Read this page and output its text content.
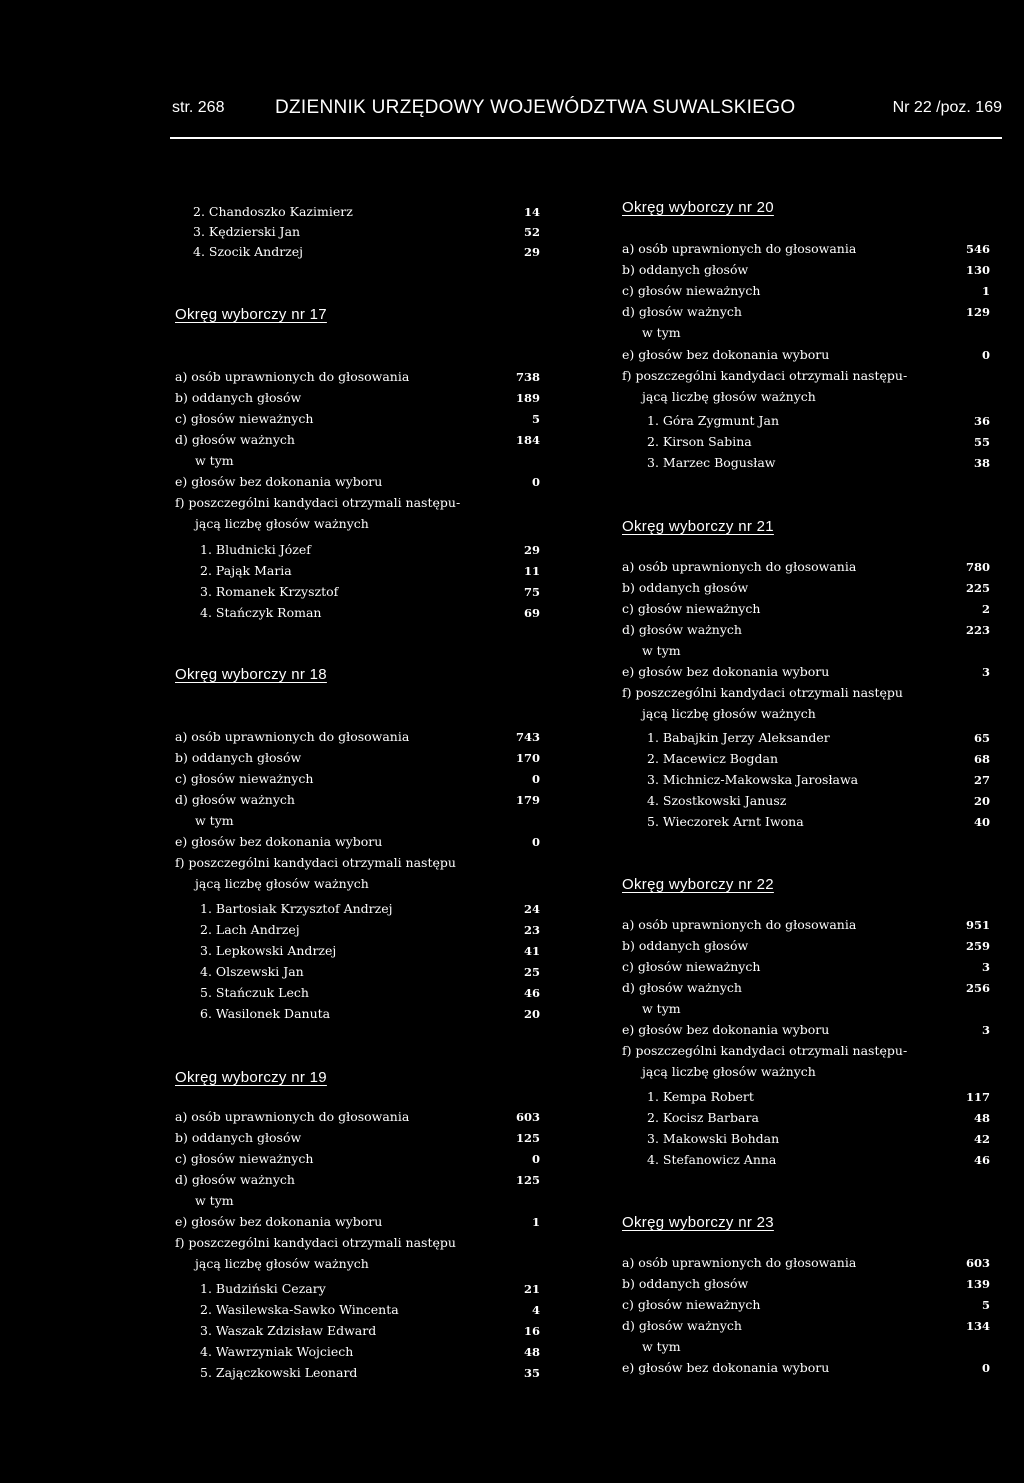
str. 268	DZIENNIK URZĘDOWY WOJEWÓDZTWA SUWALSKIEGO	Nr 22 /poz. 169
2. Chandoszko Kazimierz	14
3. Kędzierski Jan	52
4. Szocik Andrzej	29
Okręg wyborczy nr 17
a) osób uprawnionych do głosowania	738
b) oddanych głosów	189
c) głosów nieważnych	5
d) głosów ważnych	184
w tym
e) głosów bez dokonania wyboru	0
f) poszczególni kandydaci otrzymali następu-
jącą liczbę głosów ważnych
1. Bludnicki Józef	29
2. Pająk Maria	11
3. Romanek Krzysztof	75
4. Stańczyk Roman	69
Okręg wyborczy nr 18
a) osób uprawnionych do głosowania	743
b) oddanych głosów	170
c) głosów nieważnych	0
d) głosów ważnych	179
w tym
e) głosów bez dokonania wyboru	0
f) poszczególni kandydaci otrzymali następu
jącą liczbę głosów ważnych
1. Bartosiak Krzysztof Andrzej	24
2. Lach Andrzej	23
3. Lepkowski Andrzej	41
4. Olszewski Jan	25
5. Stańczuk Lech	46
6. Wasilonek Danuta	20
Okręg wyborczy nr 19
a) osób uprawnionych do głosowania	603
b) oddanych głosów	125
c) głosów nieważnych	0
d) głosów ważnych	125
w tym
e) głosów bez dokonania wyboru	1
f) poszczególni kandydaci otrzymali następu
jącą liczbę głosów ważnych
1. Budziński Cezary	21
2. Wasilewska-Sawko Wincenta	4
3. Waszak Zdzisław Edward	16
4. Wawrzyniak Wojciech	48
5. Zajączkowski Leonard	35
Okręg wyborczy nr 20
a) osób uprawnionych do głosowania	546
b) oddanych głosów	130
c) głosów nieważnych	1
d) głosów ważnych	129
w tym
e) głosów bez dokonania wyboru	0
f) poszczególni kandydaci otrzymali następu-
jącą liczbę głosów ważnych
1. Góra Zygmunt Jan	36
2. Kirson Sabina	55
3. Marzec Bogusław	38
Okręg wyborczy nr 21
a) osób uprawnionych do głosowania	780
b) oddanych głosów	225
c) głosów nieważnych	2
d) głosów ważnych	223
w tym
e) głosów bez dokonania wyboru	3
f) poszczególni kandydaci otrzymali następu
jącą liczbę głosów ważnych
1. Babajkin Jerzy Aleksander	65
2. Macewicz Bogdan	68
3. Michnicz-Makowska Jarosława	27
4. Szostkowski Janusz	20
5. Wieczorek Arnt Iwona	40
Okręg wyborczy nr 22
a) osób uprawnionych do głosowania	951
b) oddanych głosów	259
c) głosów nieważnych	3
d) głosów ważnych	256
w tym
e) głosów bez dokonania wyboru	3
f) poszczególni kandydaci otrzymali następu-
jącą liczbę głosów ważnych
1. Kempa Robert	117
2. Kocisz Barbara	48
3. Makowski Bohdan	42
4. Stefanowicz Anna	46
Okręg wyborczy nr 23
a) osób uprawnionych do głosowania	603
b) oddanych głosów	139
c) głosów nieważnych	5
d) głosów ważnych	134
w tym
e) głosów bez dokonania wyboru	0
